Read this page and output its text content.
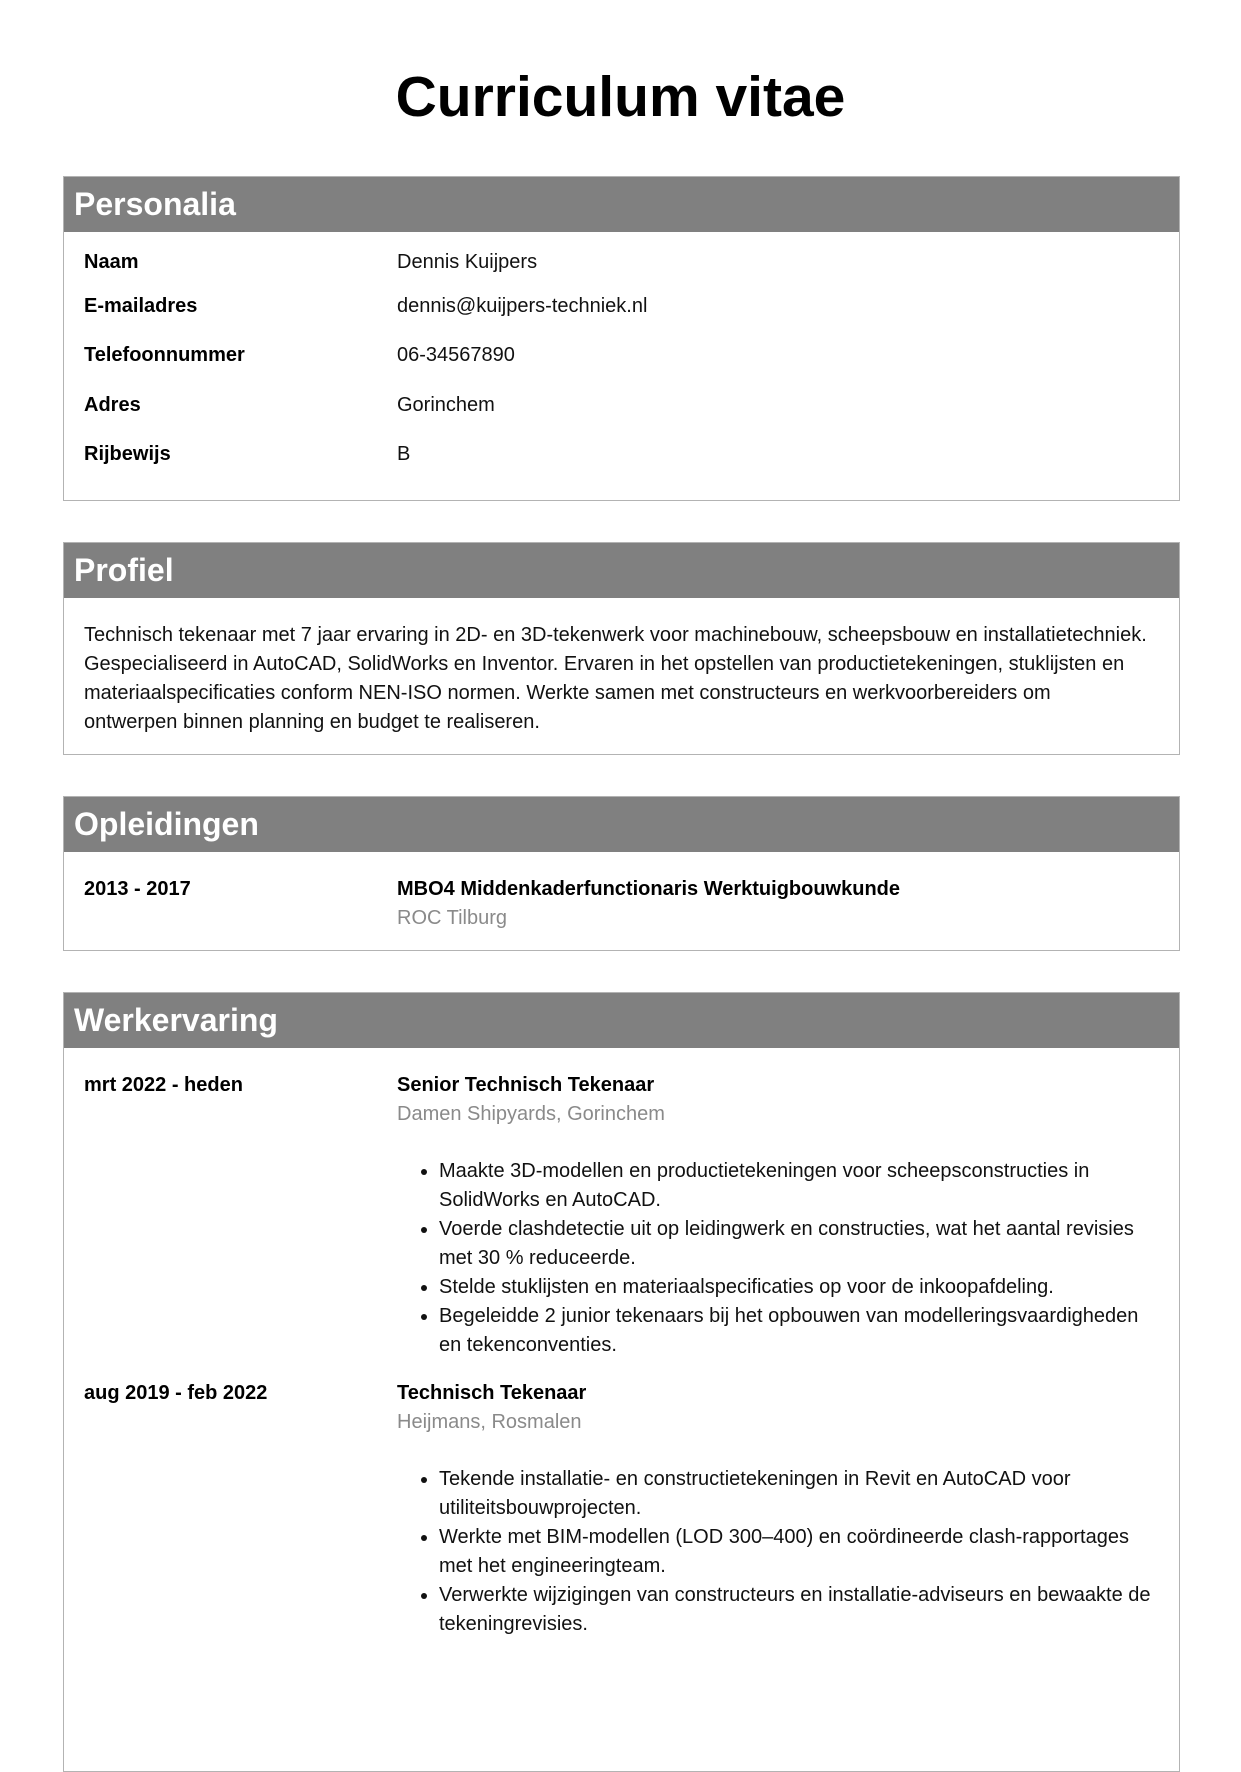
Curriculum vitae
Personalia
Naam	Dennis Kuijpers
E-mailadres	dennis@kuijpers-techniek.nl
Telefoonnummer	06-34567890
Adres	Gorinchem
Rijbewijs	B
Profiel

Technisch tekenaar met 7 jaar ervaring in 2D- en 3D-tekenwerk voor machinebouw, scheepsbouw en installatietechniek. Gespecialiseerd in AutoCAD, SolidWorks en Inventor. Ervaren in het opstellen van productietekeningen, stuklijsten en materiaalspecificaties conform NEN-ISO normen. Werkte samen met constructeurs en werkvoorbereiders om ontwerpen binnen planning en budget te realiseren.

Opleidingen
2013 - 2017	MBO4 Middenkaderfunctionaris Werktuigbouwkunde
ROC Tilburg
Werkervaring
mrt 2022 - heden	Senior Technisch Tekenaar
Damen Shipyards, Gorinchem
• Maakte 3D-modellen en productietekeningen voor scheepsconstructies in SolidWorks en AutoCAD.
• Voerde clashdetectie uit op leidingwerk en constructies, wat het aantal revisies met 30 % reduceerde.
• Stelde stuklijsten en materiaalspecificaties op voor de inkoopafdeling.
• Begeleidde 2 junior tekenaars bij het opbouwen van modelleringsvaardigheden en tekenconventies.
aug 2019 - feb 2022	Technisch Tekenaar
Heijmans, Rosmalen
• Tekende installatie- en constructietekeningen in Revit en AutoCAD voor utiliteitsbouwprojecten.
• Werkte met BIM-modellen (LOD 300–400) en coördineerde clash-rapportages met het engineeringteam.
• Verwerkte wijzigingen van constructeurs en installatie-adviseurs en bewaakte de tekeningrevisies.
